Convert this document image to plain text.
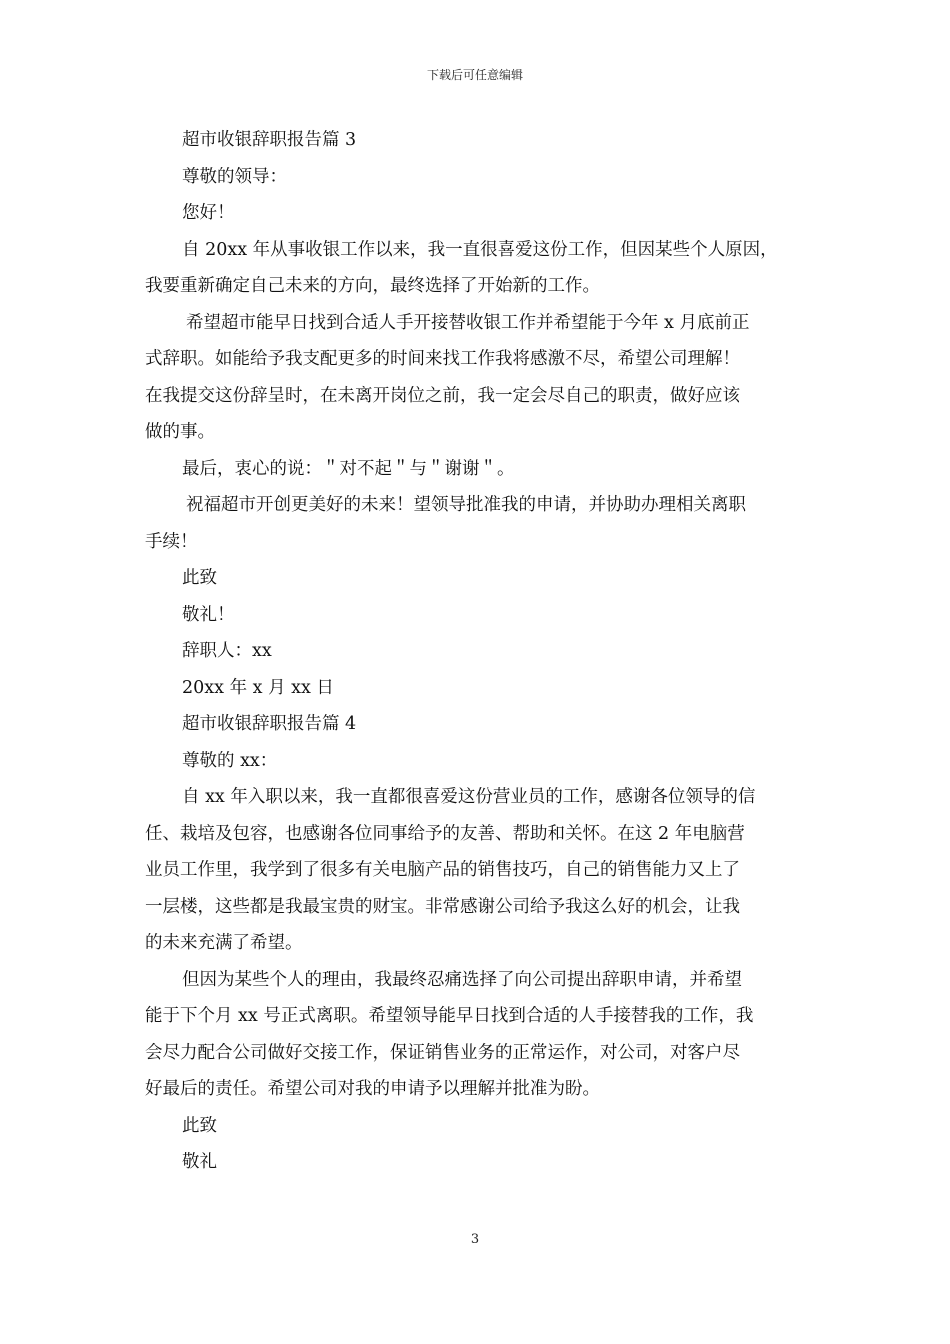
下载后可任意编辑

超市收银辞职报告篇 3

尊敬的领导：

您好！

自 20xx 年从事收银工作以来，我一直很喜爱这份工作，但因某些个人原因，

我要重新确定自己未来的方向，最终选择了开始新的工作。

希望超市能早日找到合适人手开接替收银工作并希望能于今年 x 月底前正

式辞职。如能给予我支配更多的时间来找工作我将感激不尽，希望公司理解！

在我提交这份辞呈时，在未离开岗位之前，我一定会尽自己的职责，做好应该

做的事。

最后，衷心的说：＂对不起＂与＂谢谢＂。

祝福超市开创更美好的未来！望领导批准我的申请，并协助办理相关离职

手续！

此致

敬礼！

辞职人：xx

20xx 年 x 月 xx 日

超市收银辞职报告篇 4

尊敬的 xx：

自 xx 年入职以来，我一直都很喜爱这份营业员的工作，感谢各位领导的信

任、栽培及包容，也感谢各位同事给予的友善、帮助和关怀。在这 2 年电脑营

业员工作里，我学到了很多有关电脑产品的销售技巧，自己的销售能力又上了

一层楼，这些都是我最宝贵的财宝。非常感谢公司给予我这么好的机会，让我

的未来充满了希望。

但因为某些个人的理由，我最终忍痛选择了向公司提出辞职申请，并希望

能于下个月 xx 号正式离职。希望领导能早日找到合适的人手接替我的工作，我

会尽力配合公司做好交接工作，保证销售业务的正常运作，对公司，对客户尽

好最后的责任。希望公司对我的申请予以理解并批准为盼。

此致

敬礼

3
